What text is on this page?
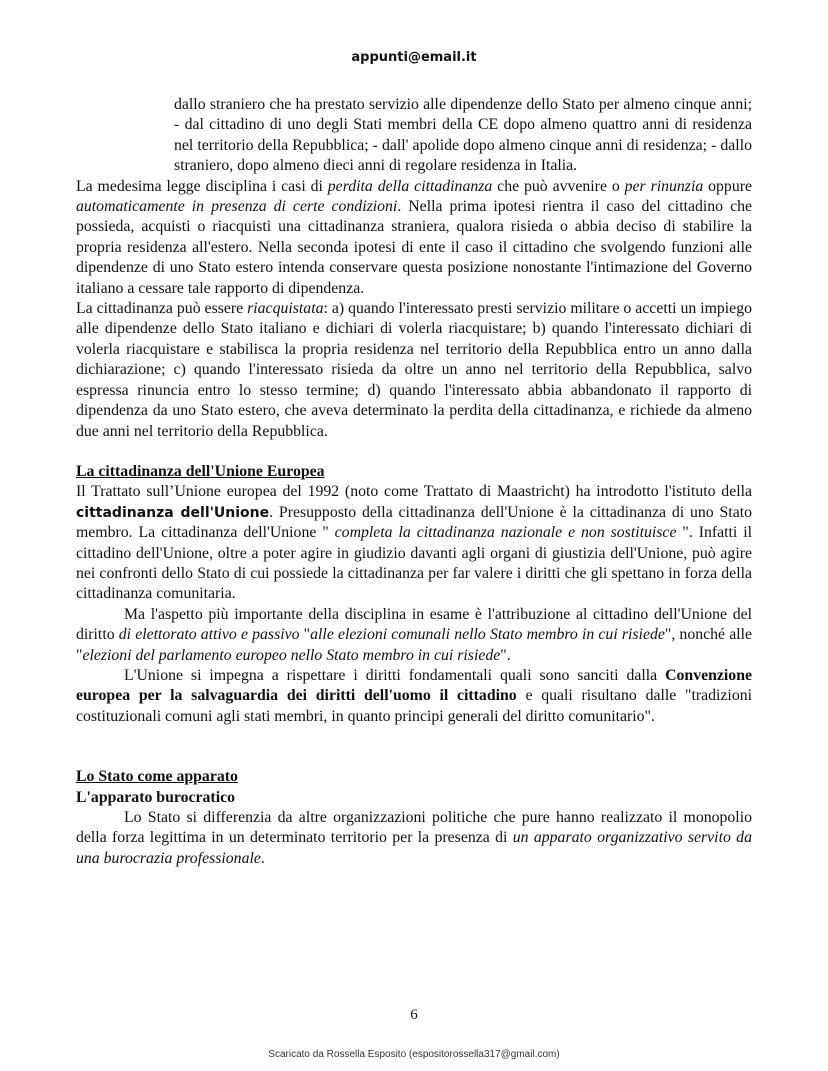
appunti@email.it

dallo straniero che ha prestato servizio alle dipendenze dello Stato per almeno cinque anni; - dal cittadino di uno degli Stati membri della CE dopo almeno quattro anni di residenza nel territorio della Repubblica; - dall' apolide dopo almeno cinque anni di residenza; - dallo straniero, dopo almeno dieci anni di regolare residenza in Italia.

La medesima legge disciplina i casi di perdita della cittadinanza che può avvenire o per rinunzia oppure automaticamente in presenza di certe condizioni. Nella prima ipotesi rientra il caso del cittadino che possieda, acquisti o riacquisti una cittadinanza straniera, qualora risieda o abbia deciso di stabilire la propria residenza all'estero. Nella seconda ipotesi di ente il caso il cittadino che svolgendo funzioni alle dipendenze di uno Stato estero intenda conservare questa posizione nonostante l'intimazione del Governo italiano a cessare tale rapporto di dipendenza.

La cittadinanza può essere riacquistata: a) quando l'interessato presti servizio militare o accetti un impiego alle dipendenze dello Stato italiano e dichiari di volerla riacquistare; b) quando l'interessato dichiari di volerla riacquistare e stabilisca la propria residenza nel territorio della Repubblica entro un anno dalla dichiarazione; c) quando l'interessato risieda da oltre un anno nel territorio della Repubblica, salvo espressa rinuncia entro lo stesso termine; d) quando l'interessato abbia abbandonato il rapporto di dipendenza da uno Stato estero, che aveva determinato la perdita della cittadinanza, e richiede da almeno due anni nel territorio della Repubblica.

La cittadinanza dell'Unione Europea

Il Trattato sull’Unione europea del 1992 (noto come Trattato di Maastricht) ha introdotto l'istituto della cittadinanza dell'Unione. Presupposto della cittadinanza dell'Unione è la cittadinanza di uno Stato membro. La cittadinanza dell'Unione " completa la cittadinanza nazionale e non sostituisce ". Infatti il cittadino dell'Unione, oltre a poter agire in giudizio davanti agli organi di giustizia dell'Unione, può agire nei confronti dello Stato di cui possiede la cittadinanza per far valere i diritti che gli spettano in forza della cittadinanza comunitaria.

Ma l'aspetto più importante della disciplina in esame è l'attribuzione al cittadino dell'Unione del diritto di elettorato attivo e passivo "alle elezioni comunali nello Stato membro in cui risiede", nonché alle "elezioni del parlamento europeo nello Stato membro in cui risiede".

L'Unione si impegna a rispettare i diritti fondamentali quali sono sanciti dalla Convenzione europea per la salvaguardia dei diritti dell'uomo il cittadino e quali risultano dalle "tradizioni costituzionali comuni agli stati membri, in quanto principi generali del diritto comunitario".

Lo Stato come apparato

L'apparato burocratico

Lo Stato si differenzia da altre organizzazioni politiche che pure hanno realizzato il monopolio della forza legittima in un determinato territorio per la presenza di un apparato organizzativo servito da una burocrazia professionale.

6
Scaricato da Rossella Esposito (espositorossella317@gmail.com)
